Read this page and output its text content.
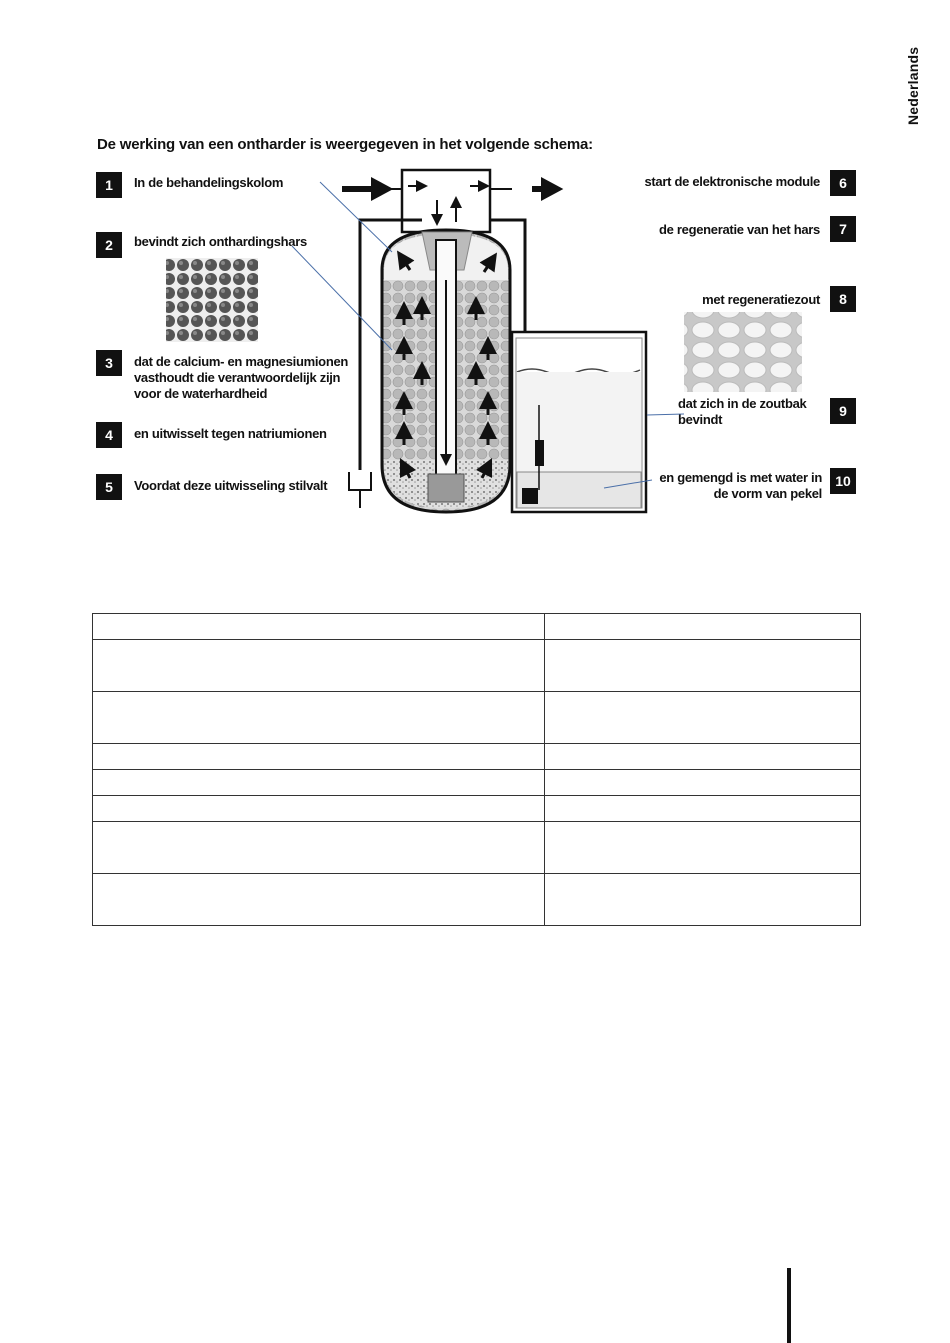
Nederlands
De werking van een ontharder is weergegeven in het volgende schema:
1	In de behandelingskolom
2	bevindt zich onthardingshars
3	dat de calcium- en magnesiumionen vasthoudt die verantwoordelijk zijn voor de waterhardheid
4	en uitwisselt tegen natriumionen
5	Voordat deze uitwisseling stilvalt
6
start de elektronische module
7
de regeneratie van het hars
8
met regeneratiezout
9
dat zich in de zoutbak bevindt
10
en gemengd is met water in de vorm van pekel
